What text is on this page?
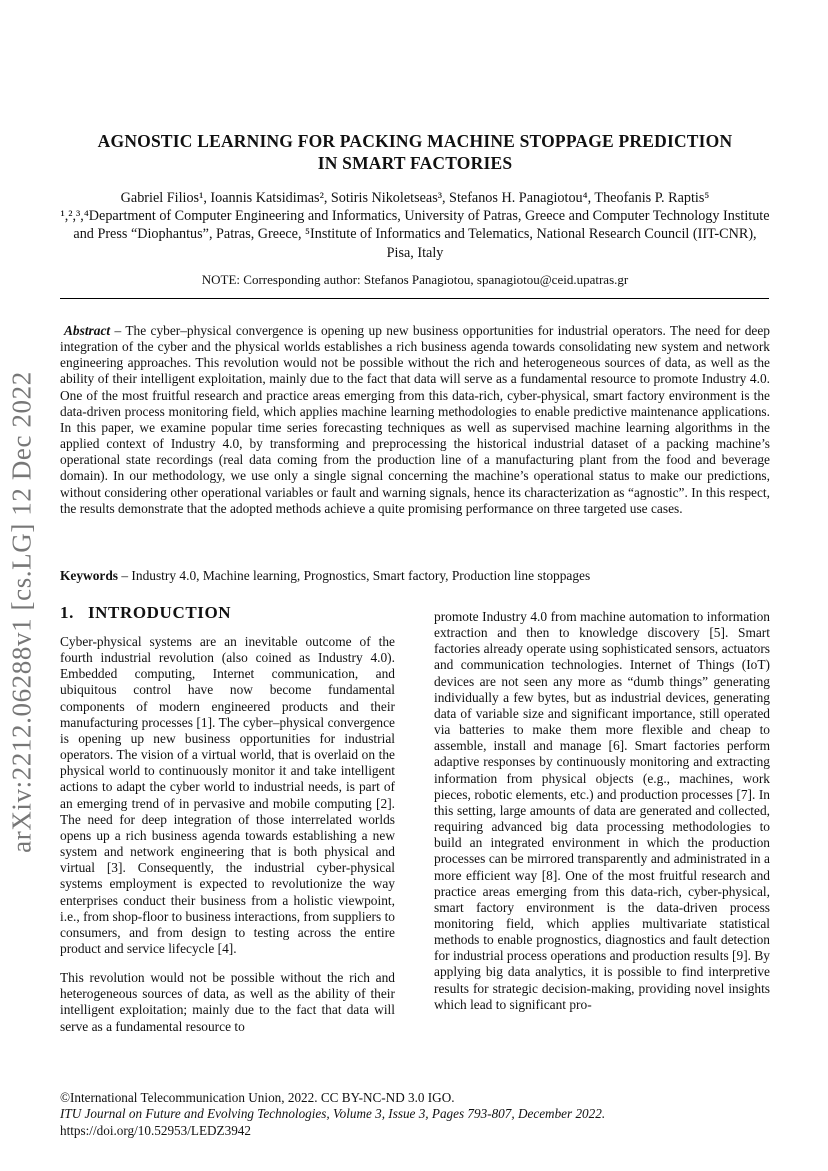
arXiv:2212.06288v1 [cs.LG] 12 Dec 2022
AGNOSTIC LEARNING FOR PACKING MACHINE STOPPAGE PREDICTION
IN SMART FACTORIES
Gabriel Filios¹, Ioannis Katsidimas², Sotiris Nikoletseas³, Stefanos H. Panagiotou⁴, Theofanis P. Raptis⁵
¹,²,³,⁴Department of Computer Engineering and Informatics, University of Patras, Greece and Computer Technology Institute and Press “Diophantus”, Patras, Greece, ⁵Institute of Informatics and Telematics, National Research Council (IIT-CNR), Pisa, Italy
NOTE: Corresponding author: Stefanos Panagiotou, spanagiotou@ceid.upatras.gr
Abstract – The cyber–physical convergence is opening up new business opportunities for industrial operators. The need for deep integration of the cyber and the physical worlds establishes a rich business agenda towards consolidating new system and network engineering approaches. This revolution would not be possible without the rich and heterogeneous sources of data, as well as the ability of their intelligent exploitation, mainly due to the fact that data will serve as a fundamental resource to promote Industry 4.0. One of the most fruitful research and practice areas emerging from this data-rich, cyber-physical, smart factory environment is the data-driven process monitoring field, which applies machine learning methodologies to enable predictive maintenance applications. In this paper, we examine popular time series forecasting techniques as well as supervised machine learning algorithms in the applied context of Industry 4.0, by transforming and preprocessing the historical industrial dataset of a packing machine’s operational state recordings (real data coming from the production line of a manufacturing plant from the food and beverage domain). In our methodology, we use only a single signal concerning the machine’s operational status to make our predictions, without considering other operational variables or fault and warning signals, hence its characterization as “agnostic”. In this respect, the results demonstrate that the adopted methods achieve a quite promising performance on three targeted use cases.
Keywords – Industry 4.0, Machine learning, Prognostics, Smart factory, Production line stoppages
1. INTRODUCTION

Cyber-physical systems are an inevitable outcome of the fourth industrial revolution (also coined as Industry 4.0). Embedded computing, Internet communication, and ubiquitous control have now become fundamental components of modern engineered products and their manufacturing processes [1]. The cyber–physical convergence is opening up new business opportunities for industrial operators. The vision of a virtual world, that is overlaid on the physical world to continuously monitor it and take intelligent actions to adapt the cyber world to industrial needs, is part of an emerging trend of in pervasive and mobile computing [2]. The need for deep integration of those interrelated worlds opens up a rich business agenda towards establishing a new system and network engineering that is both physical and virtual [3]. Consequently, the industrial cyber-physical systems employment is expected to revolutionize the way enterprises conduct their business from a holistic viewpoint, i.e., from shop-floor to business interactions, from suppliers to consumers, and from design to testing across the entire product and service lifecycle [4].

This revolution would not be possible without the rich and heterogeneous sources of data, as well as the ability of their intelligent exploitation; mainly due to the fact that data will serve as a fundamental resource to

promote Industry 4.0 from machine automation to information extraction and then to knowledge discovery [5]. Smart factories already operate using sophisticated sensors, actuators and communication technologies. Internet of Things (IoT) devices are not seen any more as “dumb things” generating individually a few bytes, but as industrial devices, generating data of variable size and significant importance, still operated via batteries to make them more flexible and cheap to assemble, install and manage [6]. Smart factories perform adaptive responses by continuously monitoring and extracting information from physical objects (e.g., machines, work pieces, robotic elements, etc.) and production processes [7]. In this setting, large amounts of data are generated and collected, requiring advanced big data processing methodologies to build an integrated environment in which the production processes can be mirrored transparently and administrated in a more efficient way [8]. One of the most fruitful research and practice areas emerging from this data-rich, cyber-physical, smart factory environment is the data-driven process monitoring field, which applies multivariate statistical methods to enable prognostics, diagnostics and fault detection for industrial process operations and production results [9]. By applying big data analytics, it is possible to find interpretive results for strategic decision-making, providing novel insights which lead to significant pro-

©International Telecommunication Union, 2022. CC BY-NC-ND 3.0 IGO.
ITU Journal on Future and Evolving Technologies, Volume 3, Issue 3, Pages 793-807, December 2022.
https://doi.org/10.52953/LEDZ3942
